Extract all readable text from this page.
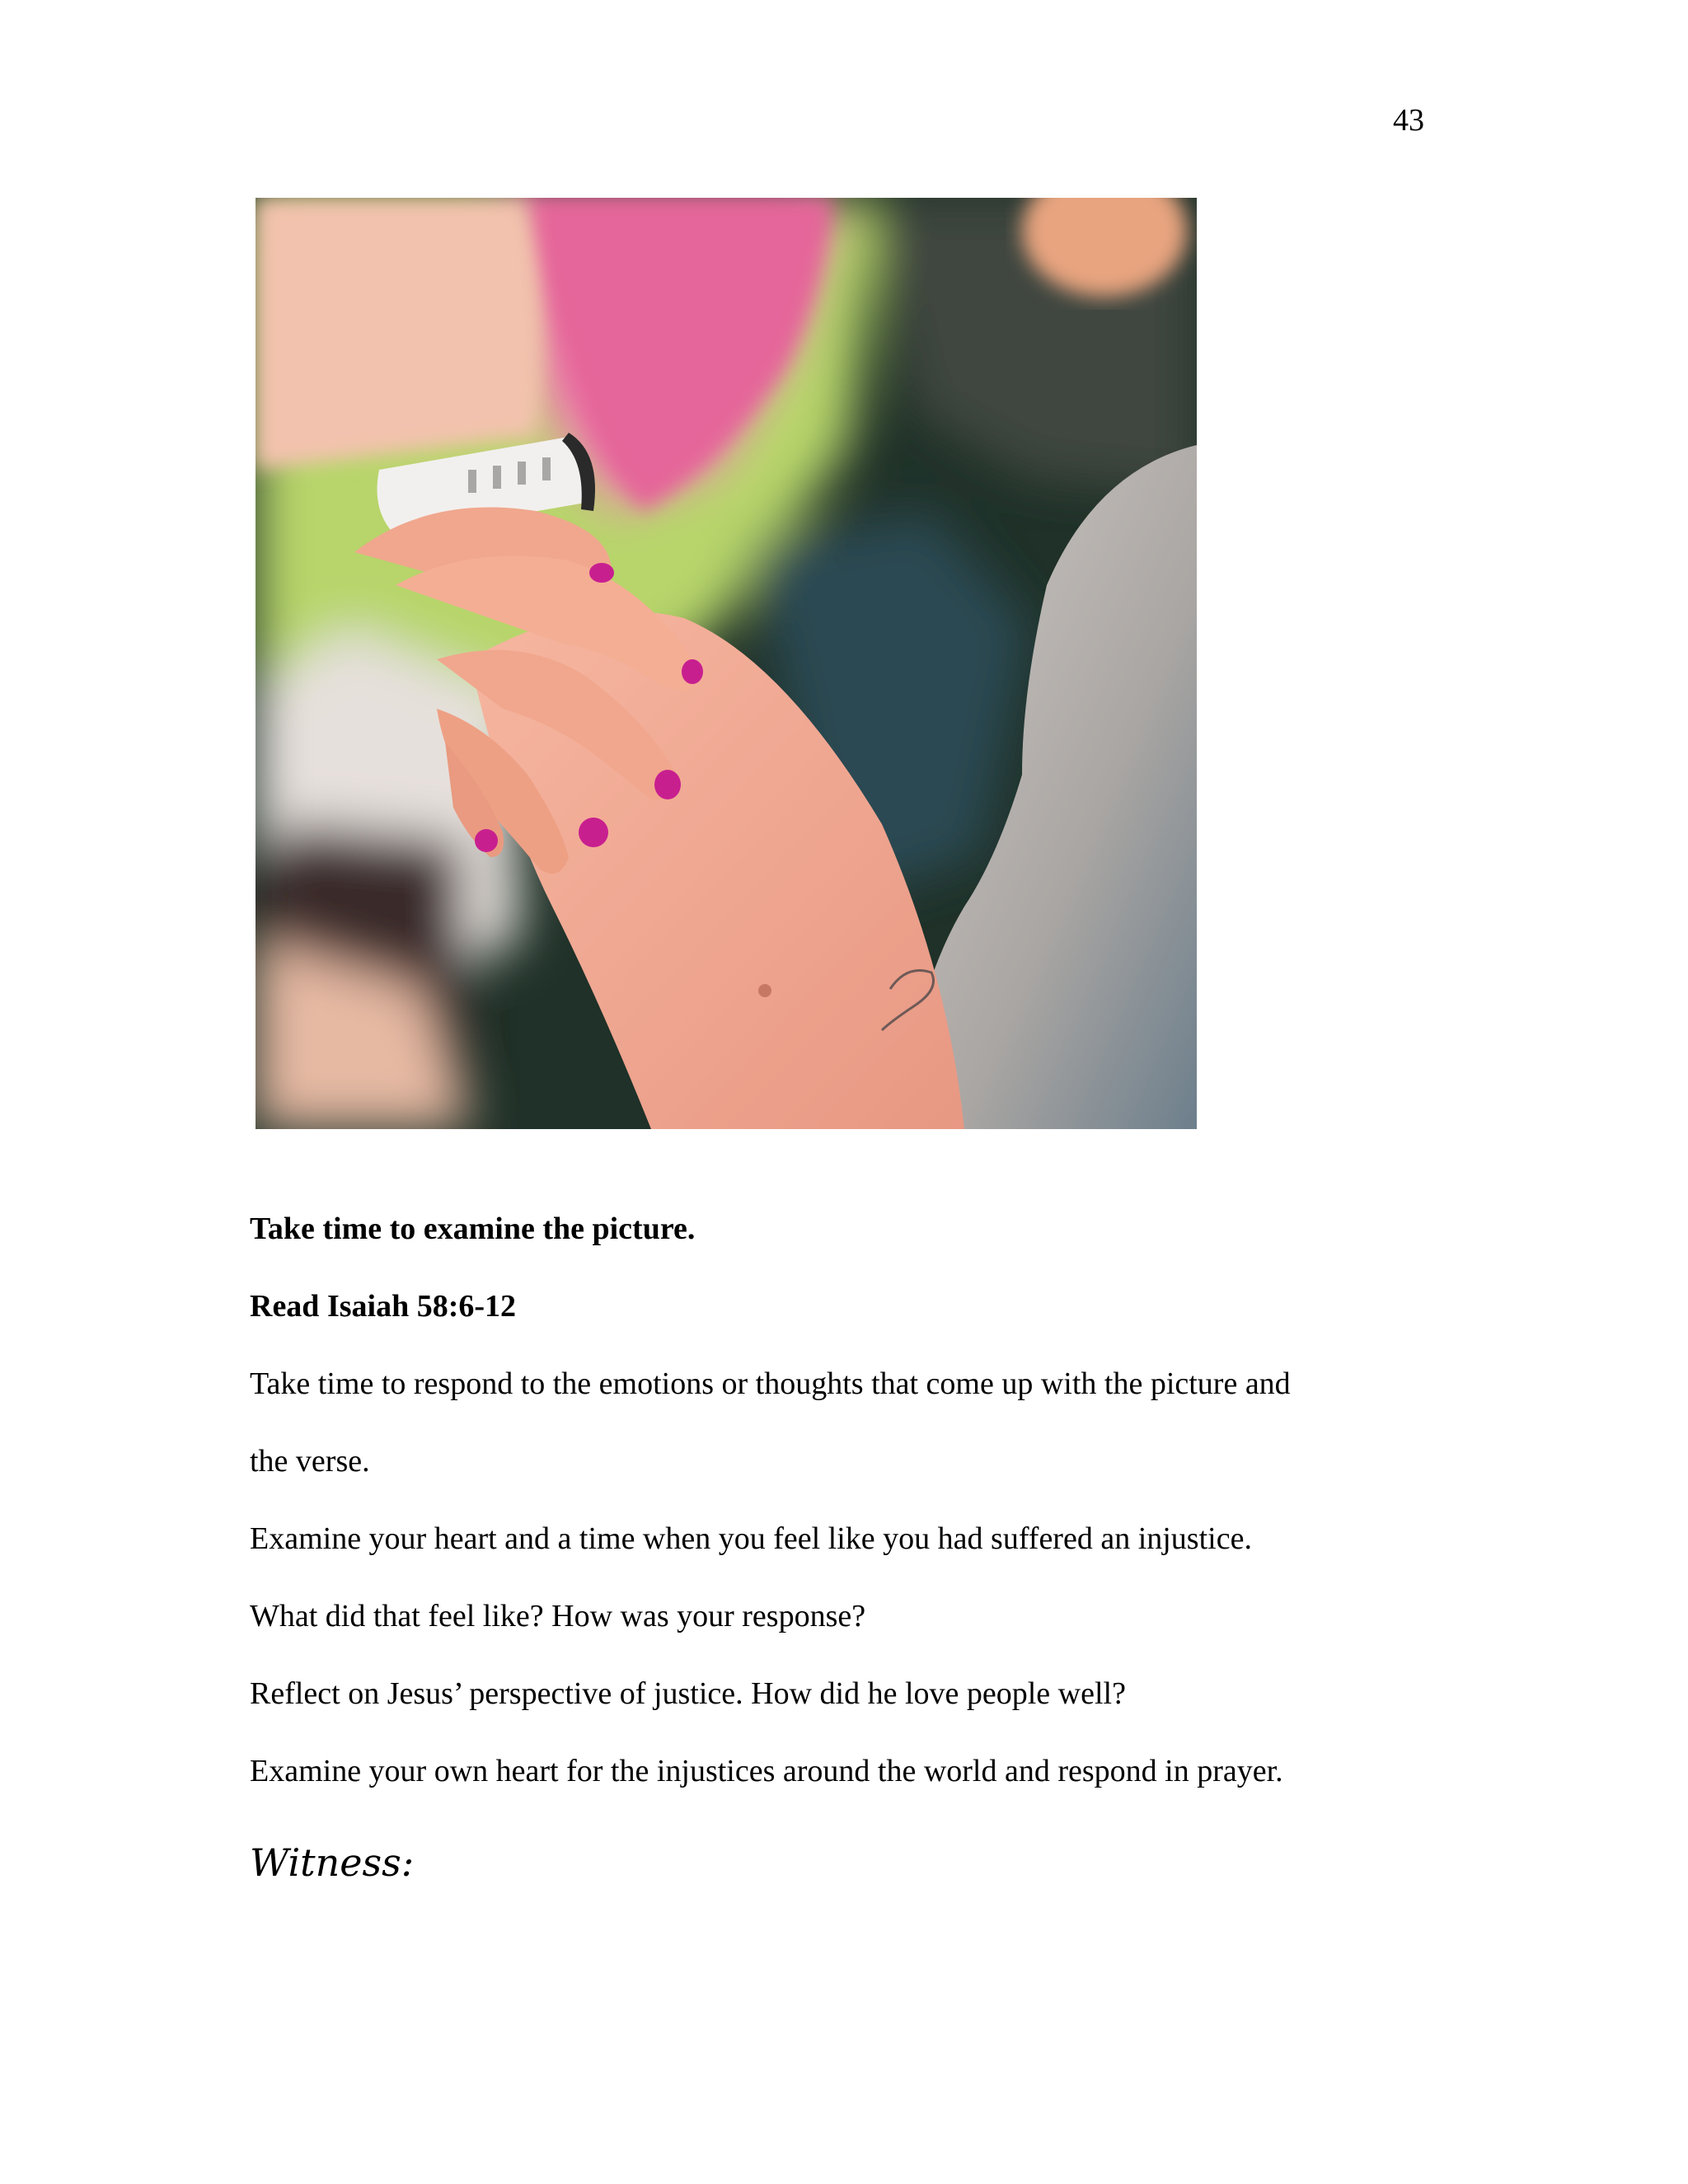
43
Take time to examine the picture.
Read Isaiah 58:6-12
Take time to respond to the emotions or thoughts that come up with the picture and
the verse.
Examine your heart and a time when you feel like you had suffered an injustice.
What did that feel like? How was your response?
Reflect on Jesus’ perspective of justice. How did he love people well?
Examine your own heart for the injustices around the world and respond in prayer.
Witness:
